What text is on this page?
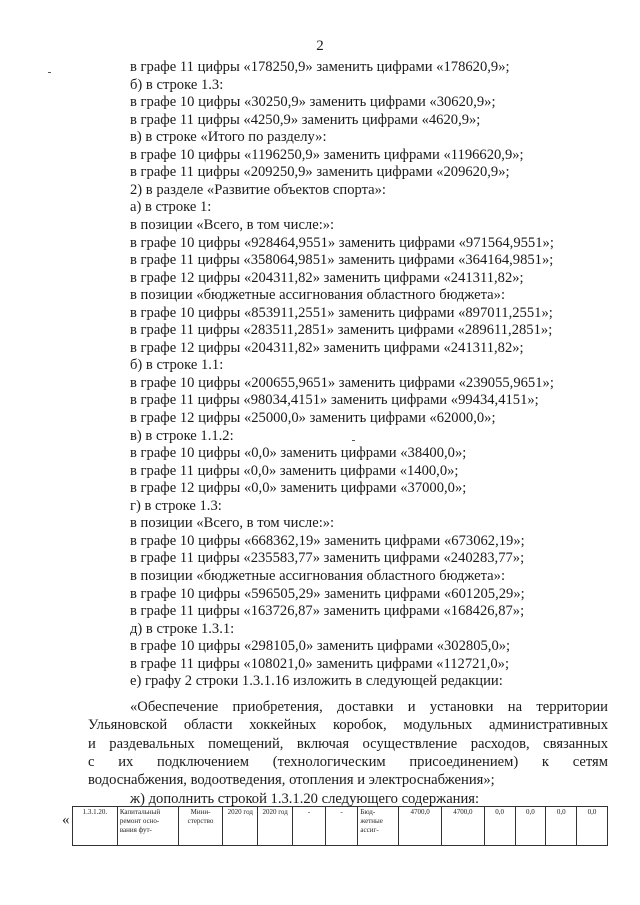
2
в графе 11 цифры «178250,9» заменить цифрами «178620,9»;
б) в строке 1.3:
в графе 10 цифры «30250,9» заменить цифрами «30620,9»;
в графе 11 цифры «4250,9» заменить цифрами «4620,9»;
в) в строке «Итого по разделу»:
в графе 10 цифры «1196250,9» заменить цифрами «1196620,9»;
в графе 11 цифры «209250,9» заменить цифрами «209620,9»;
2) в разделе «Развитие объектов спорта»:
а) в строке 1:
в позиции «Всего, в том числе:»:
в графе 10 цифры «928464,9551» заменить цифрами «971564,9551»;
в графе 11 цифры «358064,9851» заменить цифрами «364164,9851»;
в графе 12 цифры «204311,82» заменить цифрами «241311,82»;
в позиции «бюджетные ассигнования областного бюджета»:
в графе 10 цифры «853911,2551» заменить цифрами «897011,2551»;
в графе 11 цифры «283511,2851» заменить цифрами «289611,2851»;
в графе 12 цифры «204311,82» заменить цифрами «241311,82»;
б) в строке 1.1:
в графе 10 цифры «200655,9651» заменить цифрами «239055,9651»;
в графе 11 цифры «98034,4151» заменить цифрами «99434,4151»;
в графе 12 цифры «25000,0» заменить цифрами «62000,0»;
в) в строке 1.1.2:
в графе 10 цифры «0,0» заменить цифрами «38400,0»;
в графе 11 цифры «0,0» заменить цифрами «1400,0»;
в графе 12 цифры «0,0» заменить цифрами «37000,0»;
г) в строке 1.3:
в позиции «Всего, в том числе:»:
в графе 10 цифры «668362,19» заменить цифрами «673062,19»;
в графе 11 цифры «235583,77» заменить цифрами «240283,77»;
в позиции «бюджетные ассигнования областного бюджета»:
в графе 10 цифры «596505,29» заменить цифрами «601205,29»;
в графе 11 цифры «163726,87» заменить цифрами «168426,87»;
д) в строке 1.3.1:
в графе 10 цифры «298105,0» заменить цифрами «302805,0»;
в графе 11 цифры «108021,0» заменить цифрами «112721,0»;
е) графу 2 строки 1.3.1.16 изложить в следующей редакции:
«Обеспечение приобретения, доставки и установки на территории
Ульяновской области хоккейных коробок, модульных административных
и раздевальных помещений, включая осуществление расходов, связанных
с их подключением (технологическим присоединением) к сетям
водоснабжения, водоотведения, отопления и электроснабжения»;
ж) дополнить строкой 1.3.1.20 следующего содержания:
« 1.3.1.20.	Капитальный ремонт осно-вания фут-	Мини-стерство	2020 год	2020 год	-	-	Бюд-жетные ассиг-	4700,0	4700,0	0,0	0,0	0,0	0,0
